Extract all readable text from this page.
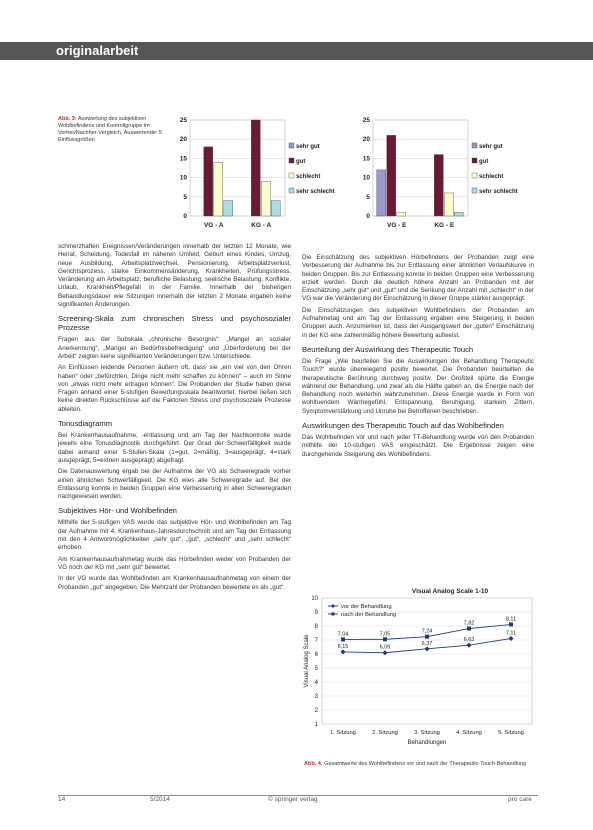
originalarbeit
Abb. 3: Auswertung des subjektiven Wohlbefindens und Kontrollgruppe im Vorher/Nachher-Vergleich, Auswertende: 5 Einflussgrößen
0
5
10
15
20
25
VG - A	KG - A
sehr gut
gut
schlecht
sehr schlecht
0
5
10
15
20
25
VG - E	KG - E
sehr gut
gut
schlecht
sehr schlecht

schmerzhaften Ereignissen/Veränderungen innerhalb der letzten 12 Monate, wie Heirat, Scheidung, Todesfall im näheren Umfeld, Geburt eines Kindes, Umzug, neue Ausbildung, Arbeitsplatzwechsel, Pensionierung, Arbeitsplatzverlust, Gerichtsprozess, starke Einkommensänderung, Krankheiten, Prüfungsstress, Veränderung am Arbeitsplatz, berufliche Belastung, seelische Belastung, Konflikte, Urlaub, Krankheit/Pflegefall in der Familie. Innerhalb der bisherigen Behandlungsdauer wie Sitzungen innerhalb der letzten 2 Monate ergaben keine signifikanten Änderungen.

Screening-Skala zum chronischen Stress und psychosozialer Prozesse

Fragen aus der Subskala „chronische Besorgnis“: „Mangel an sozialer Anerkennung“, „Mangel an Bedürfnisbefriedigung“ und „Überforderung bei der Arbeit“ zeigten keine signifikanten Veränderungen bzw. Unterschiede.

An Einflüssen leidende Personen äußern oft, dass sie „ein viel von den Ohren haben“ oder „befürchten, Dinge nicht mehr schaffen zu können“ – auch im Sinne von „etwas nicht mehr ertragen können“. Die Probanden der Studie haben diese Fragen anhand einer 5-stufigen Bewertungsskala beantwortet; hierbei ließen sich keine direkten Rückschlüsse auf die Faktoren Stress und psychosoziale Prozesse ableiten.

Tonusdiagramm

Bei Krankenhausaufnahme, -entlassung und am Tag der Nachkontrolle wurde jeweils eine Tonusdiagnostik durchgeführt. Der Grad der Schwerfälligkeit wurde dabei anhand einer 5-Stufen-Skala (1=gut, 2=mäßig, 3=ausgeprägt, 4=stark ausgeprägt, 5=extrem ausgeprägt) abgefragt.

Die Datenauswertung ergab bei der Aufnahme der VG als Schweregrade vorher einen ähnlichen Schwerfälligkeit. Die KG wies alle Schweregrade auf. Bei der Entlassung konnte in beiden Gruppen eine Verbesserung in allen Schweregraden nachgewiesen werden.

Subjektives Hör- und Wohlbefinden

Mithilfe der 5-stufigen VAS wurde das subjektive Hör- und Wohlbefinden am Tag der Aufnahme mit 4, Krankenhaus-Jahresdurchschnitt und am Tag der Entlassung mit den 4 Antwortmöglichkeiten „sehr gut“, „gut“, „schlecht“ und „sehr schlecht“ erhoben.

Am Krankenhausaufnahmetag wurde das Hörbefinden weder von Probanden der VG noch der KG mit „sehr gut“ bewertet.

In der VG wurde das Wohlbefinden am Krankenhausaufnahmetag von einem der Probanden „gut“ angegeben. Die Mehrzahl der Probanden bewertete es als „gut“.

Die Einschätzung des subjektiven Hörbefindens der Probanden zeigt eine Verbesserung der Aufnahme bis zur Entlassung einer ähnlichen Verlaufskurve in beiden Gruppen. Bis zur Entlassung konnte in beiden Gruppen eine Verbesserung erzielt werden. Durch die deutlich höhere Anzahl an Probanden mit der Einschätzung „sehr gut“ und „gut“ und die Senkung der Anzahl mit „schlecht“ in der VG war die Veränderung der Einschätzung in dieser Gruppe stärker ausgeprägt.

Die Einschätzungen des subjektiven Wohlbefindens der Probanden am Aufnahmetag und am Tag der Entlassung ergaben eine Steigerung in beiden Gruppen auch. Anzumerken ist, dass der Ausgangswert der „guten“ Einschätzung in der KG eine zahlenmäßig höhere Bewertung aufweist.

Beurteilung der Auswirkung des Therapeutic Touch

Die Frage „Wie beurteilen Sie die Auswirkungen der Behandlung Therapeutic Touch?“ wurde überwiegend positiv bewertet. Die Probanden beurteilten die therapeutische Berührung durchweg positiv. Der Großteil spürte die Energie während der Behandlung, und zwar als die Hälfte gaben an, die Energie nach der Behandlung noch weiterhin wahrzunehmen. Diese Energie wurde in Form von wohltuendem Wärmegefühl, Entspannung, Beruhigung, starkem Zittern, Symptomverstärkung und Unruhe bei Betroffenen beschrieben.

Auswirkungen des Therapeutic Touch auf das Wohlbefinden

Das Wohlbefinden vor und nach jeder TT-Behandlung wurde von den Probanden mithilfe der 10-stufigen VAS eingeschätzt. Die Ergebnisse zeigen eine durchgehende Steigerung des Wohlbefindens.

Visual Analog Scale 1-10
1
2
3
4
5
6
7
8
9
10
1. Sitzung	2. Sitzung	3. Sitzung	4. Sitzung	5. Sitzung
Behandlungen
Visual Analog Scale	6,15	6,09
6,37
6,63
7,11
7,04	7,05	7,24
7,82
8,11
vor der Behandlung
nach der Behandlung
Abb. 4: Gesamtwerte des Wohlbefindens vor und nach der Therapeutic-Touch-Behandlung
14	5/2014	© springer verlag	pro care
